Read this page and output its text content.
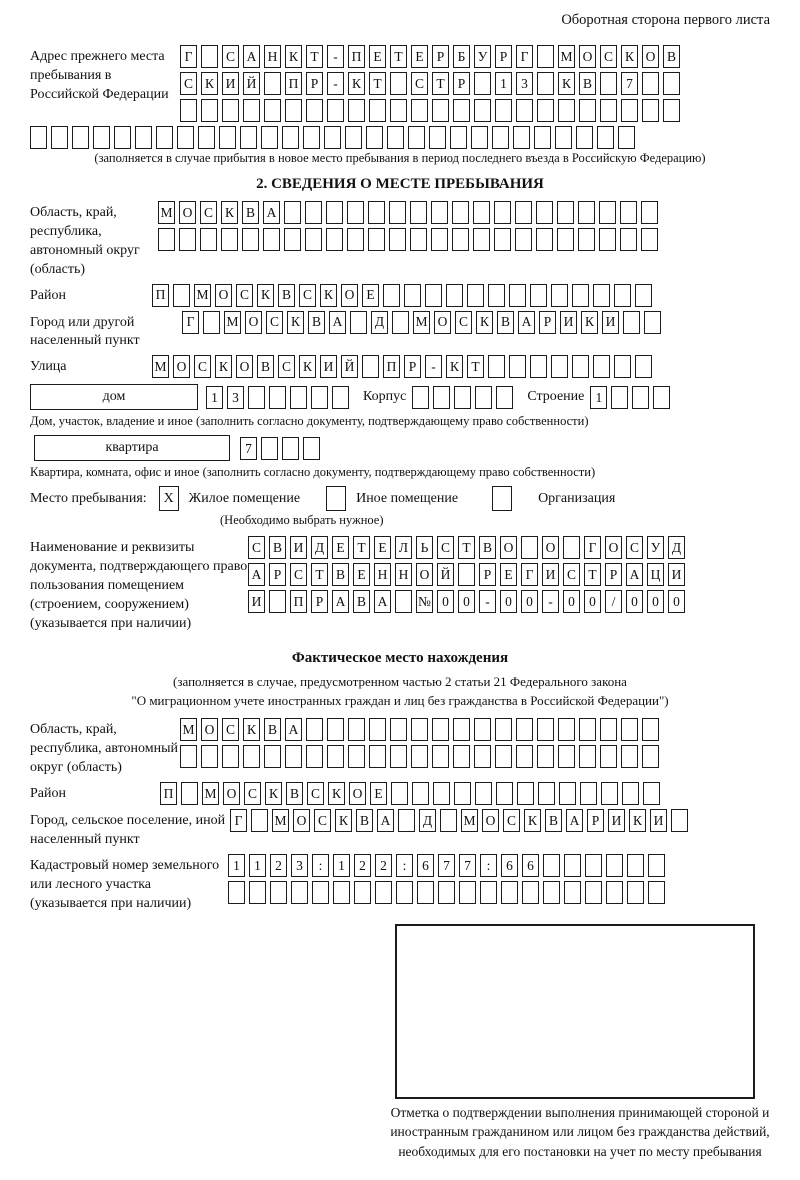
Оборотная сторона первого листа
Адрес прежнего места пребывания в Российской Федерации
Г	С А Н К Т	-	П Е Т Е Р Б У Р Г	М О С К О В
С К И Й П Р	-	К Т	С Т Р	1	3	К В	7
(заполняется в случае прибытия в новое место пребывания в период последнего въезда в Российскую Федерацию)
2. СВЕДЕНИЯ О МЕСТЕ ПРЕБЫВАНИЯ
Область, край, республика, автономный округ (область)
М О С К В А
Район	П М О С К В С К О Е
Город или другой населенный пункт
Г	М О С К В А Д М О С К В А Р И К И
Улица	М О С К О В С К И Й П Р	-	К Т
дом	1	3	Корпус	Строение 1
Дом, участок, владение и иное (заполнить согласно документу, подтверждающему право собственности)
квартира	7
Квартира, комната, офис и иное (заполнить согласно документу, подтверждающему право собственности)
Место пребывания:	X	Жилое помещение	Иное помещение	Организация
(Необходимо выбрать нужное)
Наименование и реквизиты документа, подтверждающего право пользования помещением (строением, сооружением) (указывается при наличии)
С В И Д Е Т Е Л Ь С Т В О О	Г О С У Д
А Р С Т В Е Н Н О Й	Р Е Г И С Т Р А Ц И
И П Р А В А № 0	0	-	0	0	-	0	0	/	0	0	0
Фактическое место нахождения
(заполняется в случае, предусмотренном частью 2 статьи 21 Федерального закона
"О миграционном учете иностранных граждан и лиц без гражданства в Российской Федерации")
Область, край, республика, автономный округ (область)
М О С К В А
Район	П М О С К В С К О Е
Город, сельское поселение, иной населенный пункт
Г	М О С К В А Д М О С К В А Р И К И
Кадастровый номер земельного или лесного участка (указывается при наличии)
1	1	2	3	:	1	2	2	:	6	7	7	:	6	6
Отметка о подтверждении выполнения принимающей стороной и иностранным гражданином или лицом без гражданства действий, необходимых для его постановки на учет по месту пребывания
